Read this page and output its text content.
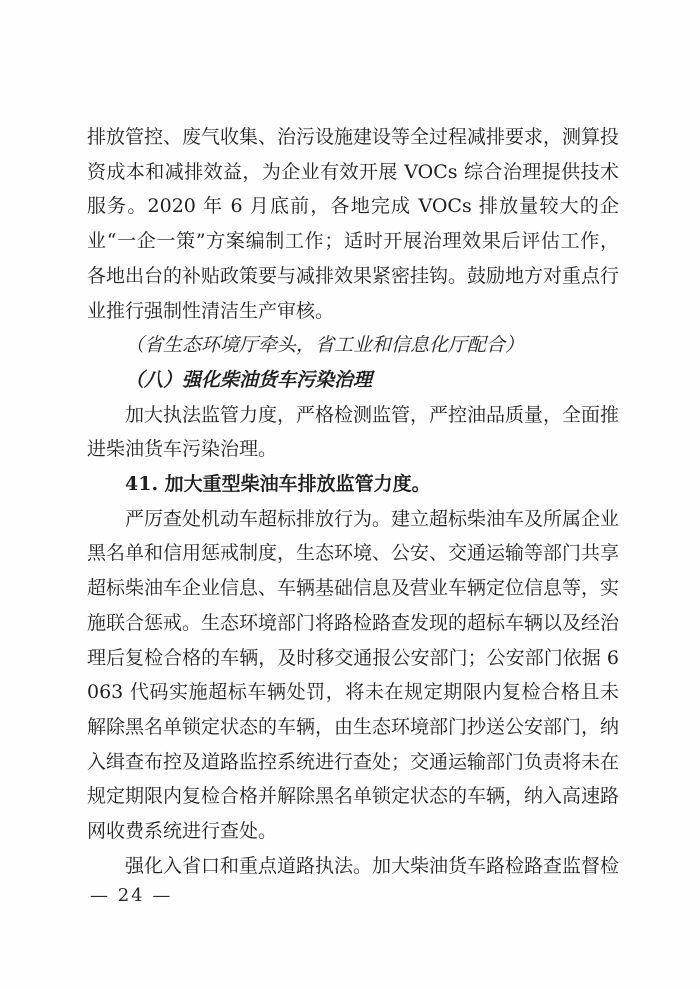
排放管控、废气收集、治污设施建设等全过程减排要求，测算投资成本和减排效益，为企业有效开展 VOCs 综合治理提供技术服务。2020 年 6 月底前，各地完成 VOCs 排放量较大的企业“一企一策”方案编制工作；适时开展治理效果后评估工作，各地出台的补贴政策要与减排效果紧密挂钩。鼓励地方对重点行业推行强制性清洁生产审核。

（省生态环境厅牵头，省工业和信息化厅配合）

（八）强化柴油货车污染治理

加大执法监管力度，严格检测监管，严控油品质量，全面推进柴油货车污染治理。

41. 加大重型柴油车排放监管力度。

严厉查处机动车超标排放行为。建立超标柴油车及所属企业黑名单和信用惩戒制度，生态环境、公安、交通运输等部门共享超标柴油车企业信息、车辆基础信息及营业车辆定位信息等，实施联合惩戒。生态环境部门将路检路查发现的超标车辆以及经治理后复检合格的车辆，及时移交通报公安部门；公安部门依据 6063 代码实施超标车辆处罚，将未在规定期限内复检合格且未解除黑名单锁定状态的车辆，由生态环境部门抄送公安部门，纳入缉查布控及道路监控系统进行查处；交通运输部门负责将未在规定期限内复检合格并解除黑名单锁定状态的车辆，纳入高速路网收费系统进行查处。

强化入省口和重点道路执法。加大柴油货车路检路查监督检

— 24 —
